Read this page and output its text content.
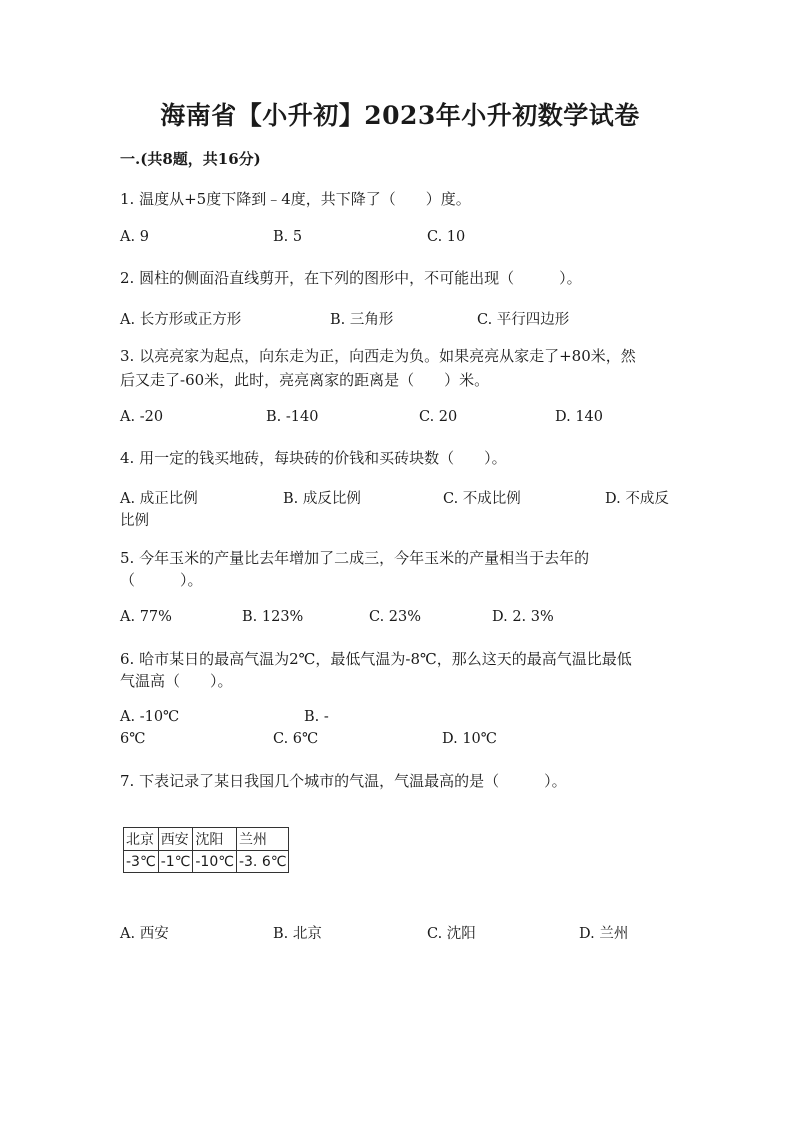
海南省【小升初】2023年小升初数学试卷
一.(共8题，共16分)
1. 温度从+5度下降到﹣4度，共下降了（　　）度。
A. 9	B. 5	C. 10
2. 圆柱的侧面沿直线剪开，在下列的图形中，不可能出现（　　　）。
A. 长方形或正方形	B. 三角形	C. 平行四边形
3. 以亮亮家为起点，向东走为正，向西走为负。如果亮亮从家走了+80米，然
后又走了-60米，此时，亮亮离家的距离是（　　）米。
A. -20	B. -140	C. 20	D. 140
4. 用一定的钱买地砖，每块砖的价钱和买砖块数（　　）。
A. 成正比例	B. 成反比例	C. 不成比例	D. 不成反
比例
5. 今年玉米的产量比去年增加了二成三，今年玉米的产量相当于去年的
（　　　）。
A. 77%	B. 123%	C. 23%	D. 2. 3%
6. 哈市某日的最高气温为2℃，最低气温为-8℃，那么这天的最高气温比最低
气温高（　　）。
A. -10℃	B. -
6℃	C. 6℃	D. 10℃
7. 下表记录了某日我国几个城市的气温，气温最高的是（　　　）。
北京	西安	沈阳	兰州
-3℃	-1℃	-10℃	-3. 6℃
A. 西安	B. 北京	C. 沈阳	D. 兰州
